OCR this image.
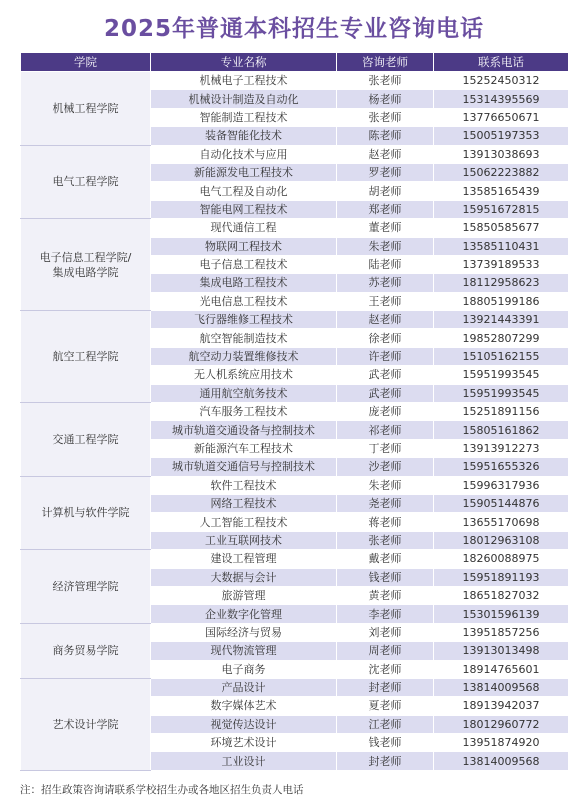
2025年普通本科招生专业咨询电话
学院	专业名称	咨询老师	联系电话
机械工程学院	机械电子工程技术	张老师	15252450312
	机械设计制造及自动化	杨老师	15314395569
	智能制造工程技术	张老师	13776650671
	装备智能化技术	陈老师	15005197353
电气工程学院	自动化技术与应用	赵老师	13913038693
	新能源发电工程技术	罗老师	15062223882
	电气工程及自动化	胡老师	13585165439
	智能电网工程技术	郑老师	15951672815
电子信息工程学院/
集成电路学院	现代通信工程	董老师	15850585677
	物联网工程技术	朱老师	13585110431
	电子信息工程技术	陆老师	13739189533
	集成电路工程技术	苏老师	18112958623
	光电信息工程技术	王老师	18805199186
航空工程学院	飞行器维修工程技术	赵老师	13921443391
	航空智能制造技术	徐老师	19852807299
	航空动力装置维修技术	许老师	15105162155
	无人机系统应用技术	武老师	15951993545
	通用航空航务技术	武老师	15951993545
交通工程学院	汽车服务工程技术	庞老师	15251891156
	城市轨道交通设备与控制技术	祁老师	15805161862
	新能源汽车工程技术	丁老师	13913912273
	城市轨道交通信号与控制技术	沙老师	15951655326
计算机与软件学院	软件工程技术	朱老师	15996317936
	网络工程技术	尧老师	15905144876
	人工智能工程技术	蒋老师	13655170698
	工业互联网技术	张老师	18012963108
经济管理学院	建设工程管理	戴老师	18260088975
	大数据与会计	钱老师	15951891193
	旅游管理	黄老师	18651827032
	企业数字化管理	李老师	15301596139
商务贸易学院	国际经济与贸易	刘老师	13951857256
	现代物流管理	周老师	13913013498
	电子商务	沈老师	18914765601
艺术设计学院	产品设计	封老师	13814009568
	数字媒体艺术	夏老师	18913942037
	视觉传达设计	江老师	18012960772
	环境艺术设计	钱老师	13951874920
	工业设计	封老师	13814009568
注：招生政策咨询请联系学校招生办或各地区招生负责人电话
